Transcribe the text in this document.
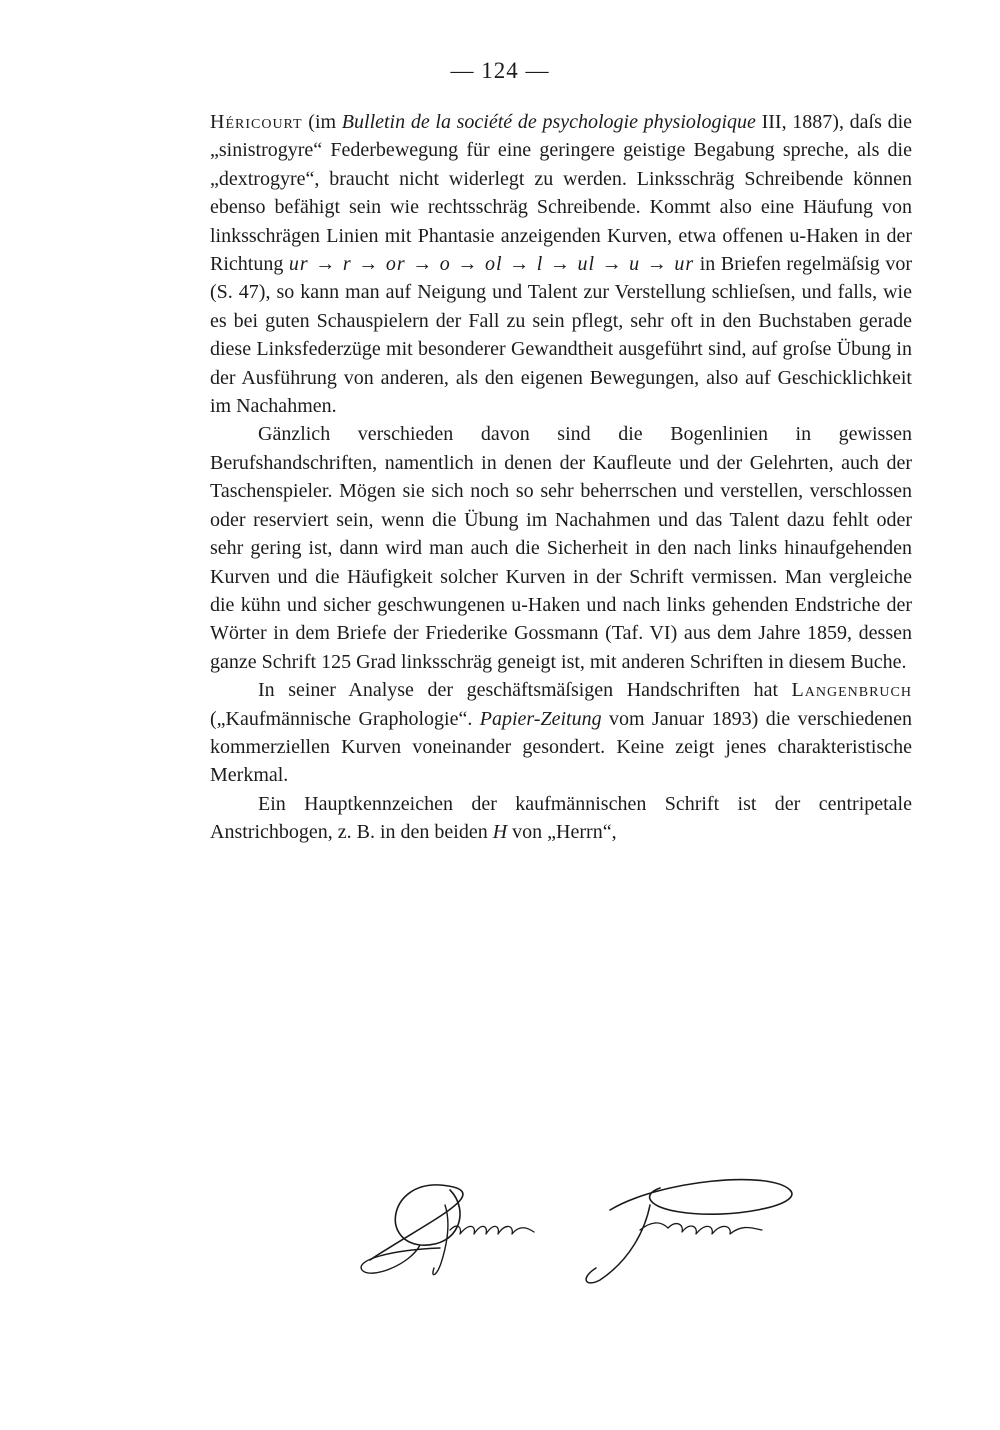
— 124 —

Héricourt (im Bulletin de la société de psychologie physiologique III, 1887), daſs die „sinistrogyre“ Federbewegung für eine geringere geistige Begabung spreche, als die „dextrogyre“, braucht nicht widerlegt zu werden. Linksschräg Schreibende können ebenso befähigt sein wie rechtsschräg Schreibende. Kommt also eine Häufung von linksschrägen Linien mit Phantasie anzeigenden Kurven, etwa offenen u-Haken in der Richtung ur → r → or → o → ol → l → ul → u → ur in Briefen regelmäſsig vor (S. 47), so kann man auf Neigung und Talent zur Verstellung schlieſsen, und falls, wie es bei guten Schauspielern der Fall zu sein pflegt, sehr oft in den Buchstaben gerade diese Linksfederzüge mit besonderer Gewandtheit ausgeführt sind, auf groſse Übung in der Ausführung von anderen, als den eigenen Bewegungen, also auf Geschicklichkeit im Nachahmen.

Gänzlich verschieden davon sind die Bogenlinien in gewissen Berufshandschriften, namentlich in denen der Kaufleute und der Gelehrten, auch der Taschenspieler. Mögen sie sich noch so sehr beherrschen und verstellen, verschlossen oder reserviert sein, wenn die Übung im Nachahmen und das Talent dazu fehlt oder sehr gering ist, dann wird man auch die Sicherheit in den nach links hinaufgehenden Kurven und die Häufigkeit solcher Kurven in der Schrift vermissen. Man vergleiche die kühn und sicher geschwungenen u-Haken und nach links gehenden Endstriche der Wörter in dem Briefe der Friederike Gossmann (Taf. VI) aus dem Jahre 1859, dessen ganze Schrift 125 Grad linksschräg geneigt ist, mit anderen Schriften in diesem Buche.

In seiner Analyse der geschäftsmäſsigen Handschriften hat Langenbruch („Kaufmännische Graphologie“. Papier-Zeitung vom Januar 1893) die verschiedenen kommerziellen Kurven voneinander gesondert. Keine zeigt jenes charakteristische Merkmal.

Ein Hauptkennzeichen der kaufmännischen Schrift ist der centripetale Anstrichbogen, z. B. in den beiden H von „Herrn“,
